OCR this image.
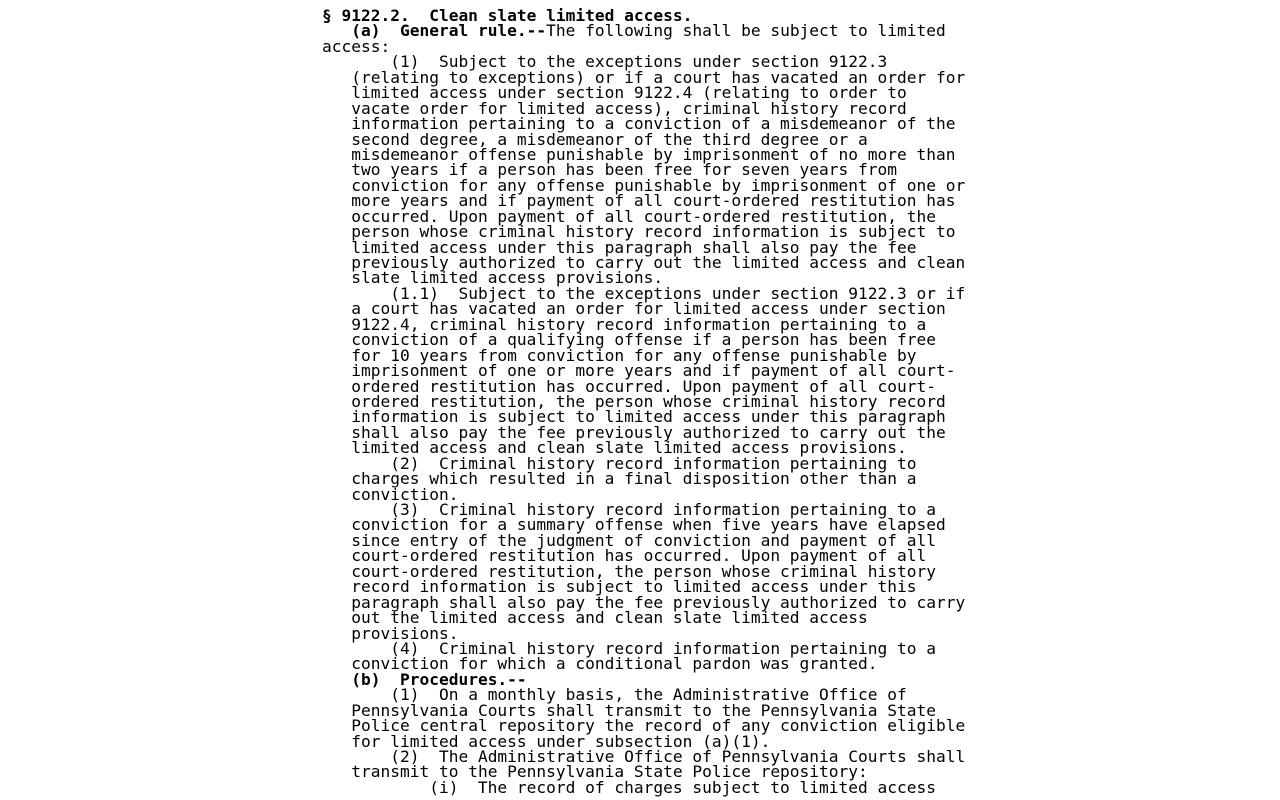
§ 9122.2.  Clean slate limited access.
(a)  General rule.--The following shall be subject to limited
access:
(1)  Subject to the exceptions under section 9122.3
(relating to exceptions) or if a court has vacated an order for
limited access under section 9122.4 (relating to order to
vacate order for limited access), criminal history record
information pertaining to a conviction of a misdemeanor of the
second degree, a misdemeanor of the third degree or a
misdemeanor offense punishable by imprisonment of no more than
two years if a person has been free for seven years from
conviction for any offense punishable by imprisonment of one or
more years and if payment of all court-ordered restitution has
occurred. Upon payment of all court-ordered restitution, the
person whose criminal history record information is subject to
limited access under this paragraph shall also pay the fee
previously authorized to carry out the limited access and clean
slate limited access provisions.
(1.1)  Subject to the exceptions under section 9122.3 or if
a court has vacated an order for limited access under section
9122.4, criminal history record information pertaining to a
conviction of a qualifying offense if a person has been free
for 10 years from conviction for any offense punishable by
imprisonment of one or more years and if payment of all court-
ordered restitution has occurred. Upon payment of all court-
ordered restitution, the person whose criminal history record
information is subject to limited access under this paragraph
shall also pay the fee previously authorized to carry out the
limited access and clean slate limited access provisions.
(2)  Criminal history record information pertaining to
charges which resulted in a final disposition other than a
conviction.
(3)  Criminal history record information pertaining to a
conviction for a summary offense when five years have elapsed
since entry of the judgment of conviction and payment of all
court-ordered restitution has occurred. Upon payment of all
court-ordered restitution, the person whose criminal history
record information is subject to limited access under this
paragraph shall also pay the fee previously authorized to carry
out the limited access and clean slate limited access
provisions.
(4)  Criminal history record information pertaining to a
conviction for which a conditional pardon was granted.
(b)  Procedures.--
(1)  On a monthly basis, the Administrative Office of
Pennsylvania Courts shall transmit to the Pennsylvania State
Police central repository the record of any conviction eligible
for limited access under subsection (a)(1).
(2)  The Administrative Office of Pennsylvania Courts shall
transmit to the Pennsylvania State Police repository:
(i)  The record of charges subject to limited access
